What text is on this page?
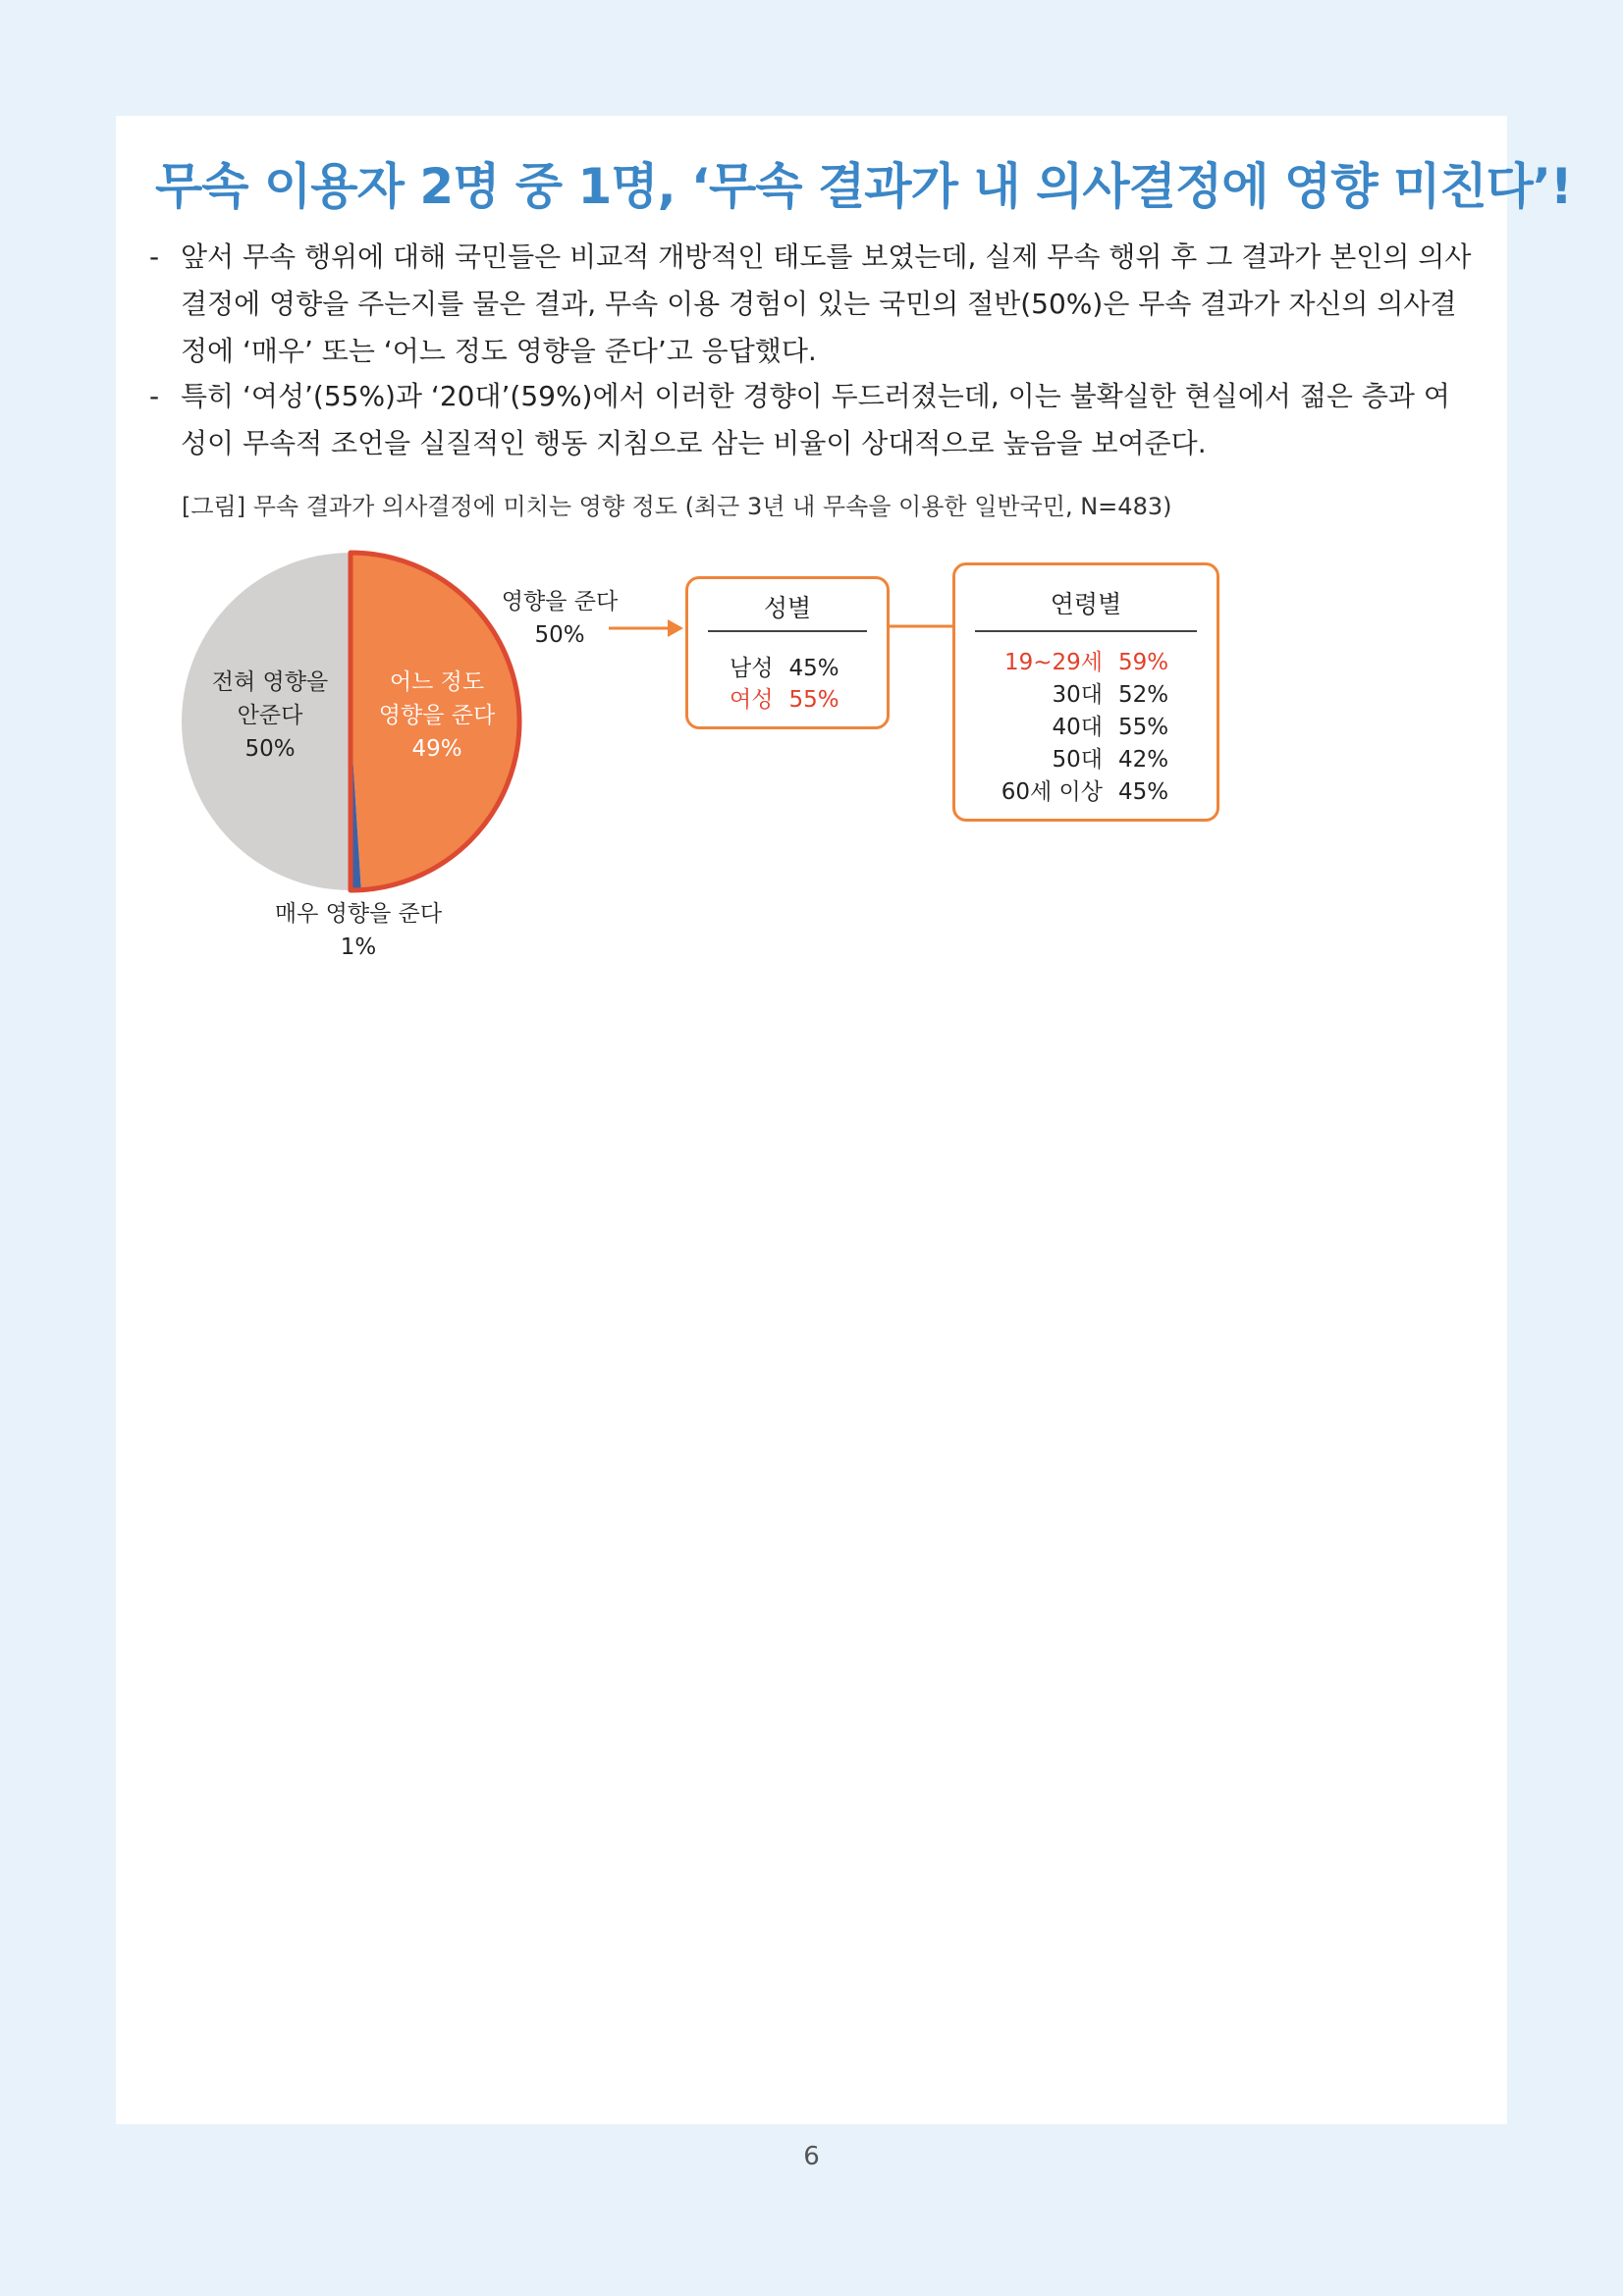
무속 이용자 2명 중 1명, ‘무속 결과가 내 의사결정에 영향 미친다’!
- 앞서 무속 행위에 대해 국민들은 비교적 개방적인 태도를 보였는데, 실제 무속 행위 후 그 결과가 본인의 의사결정에 영향을 주는지를 물은 결과, 무속 이용 경험이 있는 국민의 절반(50%)은 무속 결과가 자신의 의사결정에 ‘매우’ 또는 ‘어느 정도 영향을 준다’고 응답했다.
- 특히 ‘여성’(55%)과 ‘20대’(59%)에서 이러한 경향이 두드러졌는데, 이는 불확실한 현실에서 젊은 층과 여성이 무속적 조언을 실질적인 행동 지침으로 삼는 비율이 상대적으로 높음을 보여준다.
[그림] 무속 결과가 의사결정에 미치는 영향 정도 (최근 3년 내 무속을 이용한 일반국민, N=483)
전혀 영향을
안준다
50%
어느 정도
영향을 준다
49%
매우 영향을 준다
1%
영향을 준다
50%
성별
남성 45%
여성 55%
연령별
19~29세 59%
30대 52%
40대 55%
50대 42%
60세 이상 45%
6
